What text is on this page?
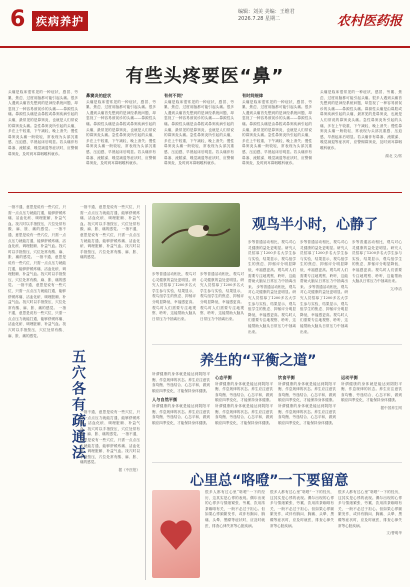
6 疾病养护
编辑：刘美 美编：王维君
2026.7.28 星期二	农村医药报
有些头疼要医“鼻”
头痛是临床很常见的一种症状，感冒、劳累、焦虑、过度用脑都可能引起头痛。很多人遇到头痛首先想到的是神经系统问题，却忽视了一种容易被误诊的头痛——鼻源性头痛。鼻源性头痛是由鼻腔或鼻窦疾病引起的头痛，最常见的是鼻窦炎，也就是人们常说的鼻窦炎头痛。急性鼻窦炎所引起的头痛，多在上午较重，下午减轻，晚上消失；慢性鼻窦炎头痛一般较轻，常表现为头部沉重感、压迫感，早晨起床后明显。若头痛伴有鼻塞、流脓涕、嗅觉减退等症状时，应警惕鼻窦炎，及时到耳鼻咽喉科就诊。
鼻窦炎的症状
头痛是临床很常见的一种症状，感冒、劳累、焦虑、过度用脑都可能引起头痛。很多人遇到头痛首先想到的是神经系统问题，却忽视了一种容易被误诊的头痛——鼻源性头痛。鼻源性头痛是由鼻腔或鼻窦疾病引起的头痛，最常见的是鼻窦炎，也就是人们常说的鼻窦炎头痛。急性鼻窦炎所引起的头痛，多在上午较重，下午减轻，晚上消失；慢性鼻窦炎头痛一般较轻，常表现为头部沉重感、压迫感，早晨起床后明显。若头痛伴有鼻塞、流脓涕、嗅觉减退等症状时，应警惕鼻窦炎，及时到耳鼻咽喉科就诊。
有何不同？
头痛是临床很常见的一种症状，感冒、劳累、焦虑、过度用脑都可能引起头痛。很多人遇到头痛首先想到的是神经系统问题，却忽视了一种容易被误诊的头痛——鼻源性头痛。鼻源性头痛是由鼻腔或鼻窦疾病引起的头痛，最常见的是鼻窦炎，也就是人们常说的鼻窦炎头痛。急性鼻窦炎所引起的头痛，多在上午较重，下午减轻，晚上消失；慢性鼻窦炎头痛一般较轻，常表现为头部沉重感、压迫感，早晨起床后明显。若头痛伴有鼻塞、流脓涕、嗅觉减退等症状时，应警惕鼻窦炎，及时到耳鼻咽喉科就诊。
有时间规律
头痛是临床很常见的一种症状，感冒、劳累、焦虑、过度用脑都可能引起头痛。很多人遇到头痛首先想到的是神经系统问题，却忽视了一种容易被误诊的头痛——鼻源性头痛。鼻源性头痛是由鼻腔或鼻窦疾病引起的头痛，最常见的是鼻窦炎，也就是人们常说的鼻窦炎头痛。急性鼻窦炎所引起的头痛，多在上午较重，下午减轻，晚上消失；慢性鼻窦炎头痛一般较轻，常表现为头部沉重感、压迫感，早晨起床后明显。若头痛伴有鼻塞、流脓涕、嗅觉减退等症状时，应警惕鼻窦炎，及时到耳鼻咽喉科就诊。
头痛是临床很常见的一种症状，感冒、劳累、焦虑、过度用脑都可能引起头痛。很多人遇到头痛首先想到的是神经系统问题，却忽视了一种容易被误诊的头痛——鼻源性头痛。鼻源性头痛是由鼻腔或鼻窦疾病引起的头痛，最常见的是鼻窦炎，也就是人们常说的鼻窦炎头痛。急性鼻窦炎所引起的头痛，多在上午较重，下午减轻，晚上消失；慢性鼻窦炎头痛一般较轻，常表现为头部沉重感、压迫感，早晨起床后明显。若头痛伴有鼻塞、流脓涕、嗅觉减退等症状时，应警惕鼻窦炎，及时到耳鼻咽喉科就诊。
湖北 文/郭
一指不通，意思是说有一些穴位，只需一点点压力就能打通，能够舒缓疼痛、活血化瘀、调理脏腑、补益气血。找穴时以手指按压，穴位处常有酸、麻、胀、痛的感觉。 一指不通，意思是说有一些穴位，只需一点点压力就能打通，能够舒缓疼痛、活血化瘀、调理脏腑、补益气血。找穴时以手指按压，穴位处常有酸、麻、胀、痛的感觉。 一指不通，意思是说有一些穴位，只需一点点压力就能打通，能够舒缓疼痛、活血化瘀、调理脏腑、补益气血。找穴时以手指按压，穴位处常有酸、麻、胀、痛的感觉。 一指不通，意思是说有一些穴位，只需一点点压力就能打通，能够舒缓疼痛、活血化瘀、调理脏腑、补益气血。找穴时以手指按压，穴位处常有酸、麻、胀、痛的感觉。 一指不通，意思是说有一些穴位，只需一点点压力就能打通，能够舒缓疼痛、活血化瘀、调理脏腑、补益气血。找穴时以手指按压，穴位处常有酸、麻、胀、痛的感觉。
五穴各有疏通法
一指不通，意思是说有一些穴位，只需一点点压力就能打通，能够舒缓疼痛、活血化瘀、调理脏腑、补益气血。找穴时以手指按压，穴位处常有酸、麻、胀、痛的感觉。 一指不通，意思是说有一些穴位，只需一点点压力就能打通，能够舒缓疼痛、活血化瘀、调理脏腑、补益气血。找穴时以手指按压，穴位处常有酸、麻、胀、痛的感觉。
一指不通，意思是说有一些穴位，只需一点点压力就能打通，能够舒缓疼痛、活血化瘀、调理脏腑、补益气血。找穴时以手指按压，穴位处常有酸、麻、胀、痛的感觉。 一指不通，意思是说有一些穴位，只需一点点压力就能打通，能够舒缓疼痛、活血化瘀、调理脏腑、补益气血。找穴时以手指按压，穴位处常有酸、麻、胀、痛的感觉。
据《中医报》
观鸟半小时，心静了
步等普通活动相比，观鸟对心灵健康的益处更明显。研究人员招募了1200多名大学生参与实验，结果显示，观鸟组学生的焦虑、抑郁评分明显降低，幸福感更高。观鸟时人们需要专注地观察、聆听，这能帮助大脑从日常压力中抽离出来。
步等普通活动相比，观鸟对心灵健康的益处更明显。研究人员招募了1200多名大学生参与实验，结果显示，观鸟组学生的焦虑、抑郁评分明显降低，幸福感更高。观鸟时人们需要专注地观察、聆听，这能帮助大脑从日常压力中抽离出来。
步等普通活动相比，观鸟对心灵健康的益处更明显。研究人员招募了1200多名大学生参与实验，结果显示，观鸟组学生的焦虑、抑郁评分明显降低，幸福感更高。观鸟时人们需要专注地观察、聆听，这能帮助大脑从日常压力中抽离出来。 步等普通活动相比，观鸟对心灵健康的益处更明显。研究人员招募了1200多名大学生参与实验，结果显示，观鸟组学生的焦虑、抑郁评分明显降低，幸福感更高。观鸟时人们需要专注地观察、聆听，这能帮助大脑从日常压力中抽离出来。
步等普通活动相比，观鸟对心灵健康的益处更明显。研究人员招募了1200多名大学生参与实验，结果显示，观鸟组学生的焦虑、抑郁评分明显降低，幸福感更高。观鸟时人们需要专注地观察、聆听，这能帮助大脑从日常压力中抽离出来。 步等普通活动相比，观鸟对心灵健康的益处更明显。研究人员招募了1200多名大学生参与实验，结果显示，观鸟组学生的焦虑、抑郁评分明显降低，幸福感更高。观鸟时人们需要专注地观察、聆听，这能帮助大脑从日常压力中抽离出来。
步等普通活动相比，观鸟对心灵健康的益处更明显。研究人员招募了1200多名大学生参与实验，结果显示，观鸟组学生的焦虑、抑郁评分明显降低，幸福感更高。观鸟时人们需要专注地观察、聆听，这能帮助大脑从日常压力中抽离出来。
文/李洁
养生的“平衡之道”
所谓健康的身体就是能达到阴阳平衡、作息规律的状态。养生应注意饮食均衡、劳逸结合、心态平和，做到顺应四季变化，才能保持身体健康。
人与自然平衡
所谓健康的身体就是能达到阴阳平衡、作息规律的状态。养生应注意饮食均衡、劳逸结合、心态平和，做到顺应四季变化，才能保持身体健康。
心态平衡
所谓健康的身体就是能达到阴阳平衡、作息规律的状态。养生应注意饮食均衡、劳逸结合、心态平和，做到顺应四季变化，才能保持身体健康。 所谓健康的身体就是能达到阴阳平衡、作息规律的状态。养生应注意饮食均衡、劳逸结合、心态平和，做到顺应四季变化，才能保持身体健康。
饮食平衡
所谓健康的身体就是能达到阴阳平衡、作息规律的状态。养生应注意饮食均衡、劳逸结合、心态平和，做到顺应四季变化，才能保持身体健康。 所谓健康的身体就是能达到阴阳平衡、作息规律的状态。养生应注意饮食均衡、劳逸结合、心态平和，做到顺应四季变化，才能保持身体健康。
运动平衡
所谓健康的身体就是能达到阴阳平衡、作息规律的状态。养生应注意饮食均衡、劳逸结合、心态平和，做到顺应四季变化，才能保持身体健康。
据中国养生网
心里总“咯噔”一下要留意
很多人都有过心里“咯噔”一下的经历，这其实是心悸的表现。偶尔出现的心悸多与情绪紧张、劳累、饮用浓茶咖啡有关，一般不必过于担心。但如果心悸频繁发作，或伴有胸闷、胸痛、头晕、黑矇等症状时，应及时就医，排查心律失常等心脏疾病。
很多人都有过心里“咯噔”一下的经历，这其实是心悸的表现。偶尔出现的心悸多与情绪紧张、劳累、饮用浓茶咖啡有关，一般不必过于担心。但如果心悸频繁发作，或伴有胸闷、胸痛、头晕、黑矇等症状时，应及时就医，排查心律失常等心脏疾病。
很多人都有过心里“咯噔”一下的经历，这其实是心悸的表现。偶尔出现的心悸多与情绪紧张、劳累、饮用浓茶咖啡有关，一般不必过于担心。但如果心悸频繁发作，或伴有胸闷、胸痛、头晕、黑矇等症状时，应及时就医，排查心律失常等心脏疾病。
文/曹明华
